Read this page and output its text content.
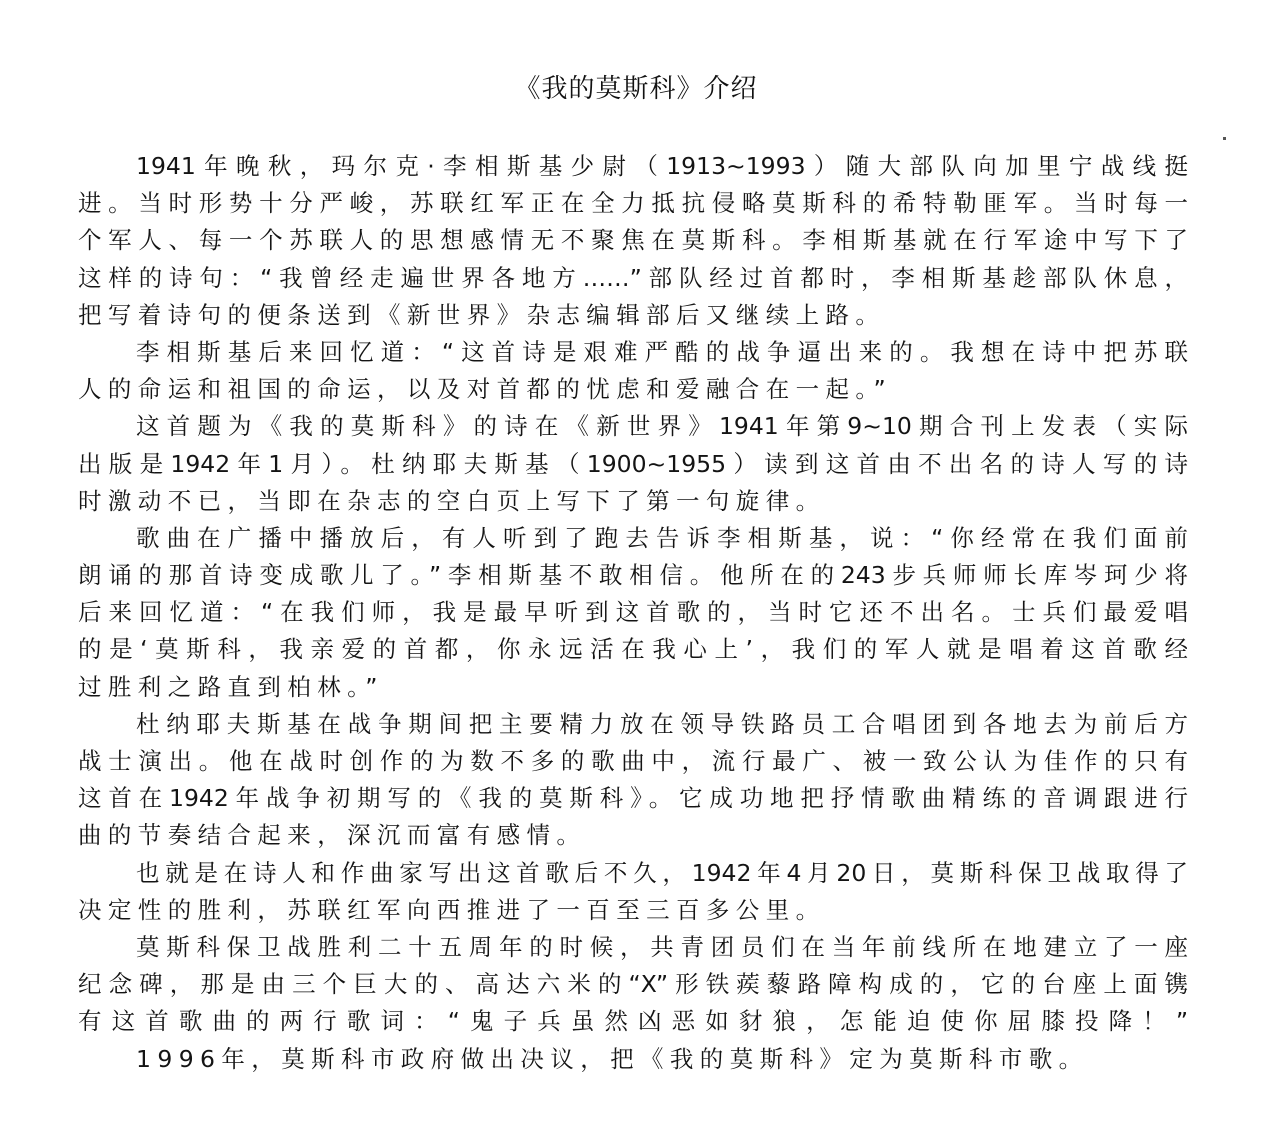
《我的莫斯科》介绍
1941年晚秋，玛尔克·李相斯基少尉（1913~1993）随大部队向加里宁战线挺
进。当时形势十分严峻，苏联红军正在全力抵抗侵略莫斯科的希特勒匪军。当时每一
个军人、每一个苏联人的思想感情无不聚焦在莫斯科。李相斯基就在行军途中写下了
这样的诗句：“我曾经走遍世界各地方……”部队经过首都时，李相斯基趁部队休息，
把写着诗句的便条送到《新世界》杂志编辑部后又继续上路。
李相斯基后来回忆道：“这首诗是艰难严酷的战争逼出来的。我想在诗中把苏联
人的命运和祖国的命运，以及对首都的忧虑和爱融合在一起。”
这首题为《我的莫斯科》的诗在《新世界》1941年第9~10期合刊上发表（实际
出版是1942年1月）。杜纳耶夫斯基（1900~1955）读到这首由不出名的诗人写的诗
时激动不已，当即在杂志的空白页上写下了第一句旋律。
歌曲在广播中播放后，有人听到了跑去告诉李相斯基，说：“你经常在我们面前
朗诵的那首诗变成歌儿了。”李相斯基不敢相信。他所在的243步兵师师长库岑珂少将
后来回忆道：“在我们师，我是最早听到这首歌的，当时它还不出名。士兵们最爱唱
的是‘莫斯科，我亲爱的首都，你永远活在我心上’，我们的军人就是唱着这首歌经
过胜利之路直到柏林。”
杜纳耶夫斯基在战争期间把主要精力放在领导铁路员工合唱团到各地去为前后方
战士演出。他在战时创作的为数不多的歌曲中，流行最广、被一致公认为佳作的只有
这首在1942年战争初期写的《我的莫斯科》。它成功地把抒情歌曲精练的音调跟进行
曲的节奏结合起来，深沉而富有感情。
也就是在诗人和作曲家写出这首歌后不久，1942年4月20日，莫斯科保卫战取得了
决定性的胜利，苏联红军向西推进了一百至三百多公里。
莫斯科保卫战胜利二十五周年的时候，共青团员们在当年前线所在地建立了一座
纪念碑，那是由三个巨大的、高达六米的“X”形铁蒺藜路障构成的，它的台座上面镌
有这首歌曲的两行歌词：“鬼子兵虽然凶恶如豺狼，怎能迫使你屈膝投降！”
1996年，莫斯科市政府做出决议，把《我的莫斯科》定为莫斯科市歌。
